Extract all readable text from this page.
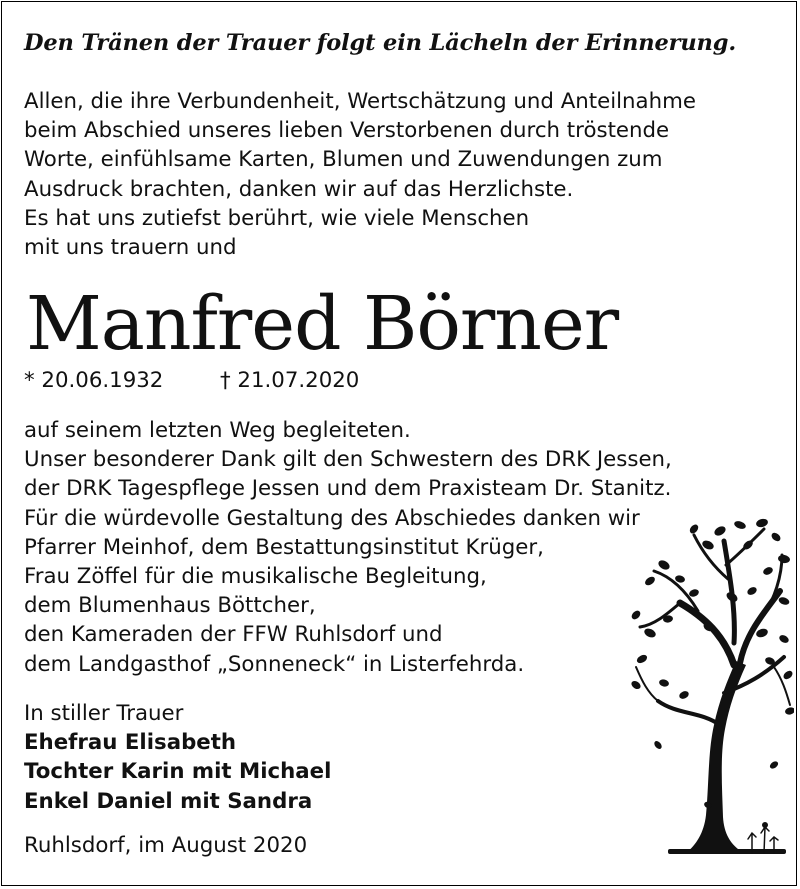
Den Tränen der Trauer folgt ein Lächeln der Erinnerung.
Allen, die ihre Verbundenheit, Wertschätzung und Anteilnahme
beim Abschied unseres lieben Verstorbenen durch tröstende
Worte, einfühlsame Karten, Blumen und Zuwendungen zum
Ausdruck brachten, danken wir auf das Herzlichste.
Es hat uns zutiefst berührt, wie viele Menschen
mit uns trauern und
Manfred Börner
* 20.06.1932	† 21.07.2020
auf seinem letzten Weg begleiteten.
Unser besonderer Dank gilt den Schwestern des DRK Jessen,
der DRK Tagespflege Jessen und dem Praxisteam Dr. Stanitz.
Für die würdevolle Gestaltung des Abschiedes danken wir
Pfarrer Meinhof, dem Bestattungsinstitut Krüger,
Frau Zöffel für die musikalische Begleitung,
dem Blumenhaus Böttcher,
den Kameraden der FFW Ruhlsdorf und
dem Landgasthof „Sonneneck“ in Listerfehrda.
In stiller Trauer
Ehefrau Elisabeth
Tochter Karin mit Michael
Enkel Daniel mit Sandra
Ruhlsdorf, im August 2020
